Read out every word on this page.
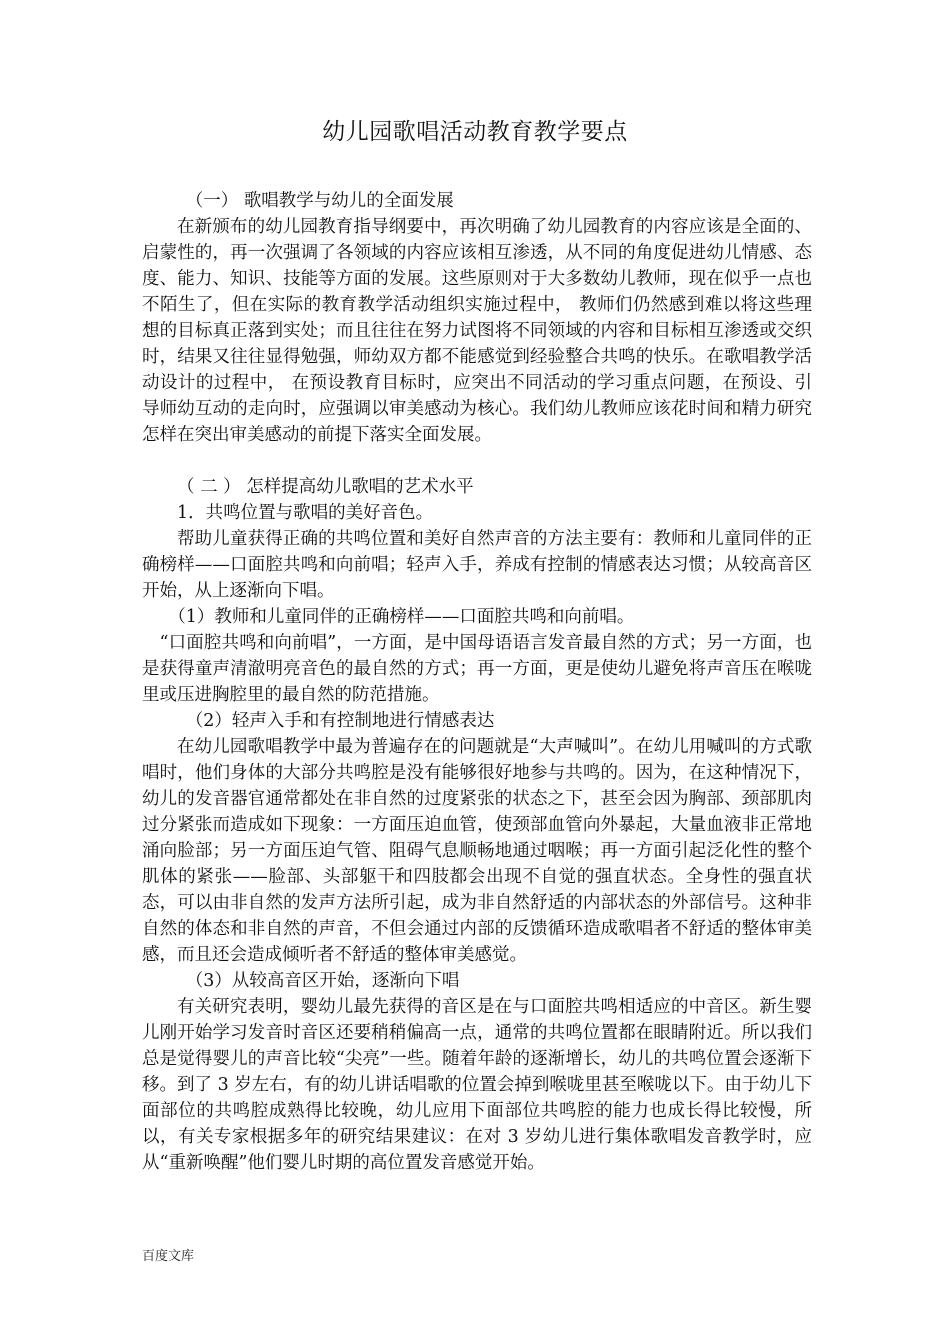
幼儿园歌唱活动教育教学要点

（一） 歌唱教学与幼儿的全面发展

在新颁布的幼儿园教育指导纲要中，再次明确了幼儿园教育的内容应该是全面的、启蒙性的，再一次强调了各领域的内容应该相互渗透，从不同的角度促进幼儿情感、态度、能力、知识、技能等方面的发展。这些原则对于大多数幼儿教师，现在似乎一点也不陌生了，但在实际的教育教学活动组织实施过程中， 教师们仍然感到难以将这些理想的目标真正落到实处；而且往往在努力试图将不同领域的内容和目标相互渗透或交织时，结果又往往显得勉强，师幼双方都不能感觉到经验整合共鸣的快乐。在歌唱教学活动设计的过程中， 在预设教育目标时，应突出不同活动的学习重点问题，在预设、引导师幼互动的走向时，应强调以审美感动为核心。我们幼儿教师应该花时间和精力研究怎样在突出审美感动的前提下落实全面发展。

（ 二 ） 怎样提高幼儿歌唱的艺术水平

1．共鸣位置与歌唱的美好音色。

帮助儿童获得正确的共鸣位置和美好自然声音的方法主要有：教师和儿童同伴的正确榜样——口面腔共鸣和向前唱；轻声入手，养成有控制的情感表达习惯；从较高音区开始，从上逐渐向下唱。

（1）教师和儿童同伴的正确榜样——口面腔共鸣和向前唱。

“口面腔共鸣和向前唱”，一方面，是中国母语语言发音最自然的方式；另一方面，也是获得童声清澈明亮音色的最自然的方式；再一方面，更是使幼儿避免将声音压在喉咙里或压进胸腔里的最自然的防范措施。

（2）轻声入手和有控制地进行情感表达

在幼儿园歌唱教学中最为普遍存在的问题就是“大声喊叫”。在幼儿用喊叫的方式歌唱时，他们身体的大部分共鸣腔是没有能够很好地参与共鸣的。因为，在这种情况下，幼儿的发音器官通常都处在非自然的过度紧张的状态之下，甚至会因为胸部、颈部肌肉过分紧张而造成如下现象：一方面压迫血管，使颈部血管向外暴起，大量血液非正常地涌向脸部；另一方面压迫气管、阻碍气息顺畅地通过咽喉；再一方面引起泛化性的整个肌体的紧张——脸部、头部躯干和四肢都会出现不自觉的强直状态。全身性的强直状态，可以由非自然的发声方法所引起，成为非自然舒适的内部状态的外部信号。这种非自然的体态和非自然的声音，不但会通过内部的反馈循环造成歌唱者不舒适的整体审美感，而且还会造成倾听者不舒适的整体审美感觉。

（3）从较高音区开始，逐渐向下唱

有关研究表明，婴幼儿最先获得的音区是在与口面腔共鸣相适应的中音区。新生婴儿刚开始学习发音时音区还要稍稍偏高一点，通常的共鸣位置都在眼睛附近。所以我们总是觉得婴儿的声音比较“尖亮”一些。随着年龄的逐渐增长，幼儿的共鸣位置会逐渐下移。到了 3 岁左右，有的幼儿讲话唱歌的位置会掉到喉咙里甚至喉咙以下。由于幼儿下面部位的共鸣腔成熟得比较晚，幼儿应用下面部位共鸣腔的能力也成长得比较慢，所以，有关专家根据多年的研究结果建议：在对 3 岁幼儿进行集体歌唱发音教学时，应从“重新唤醒”他们婴儿时期的高位置发音感觉开始。

百度文库
